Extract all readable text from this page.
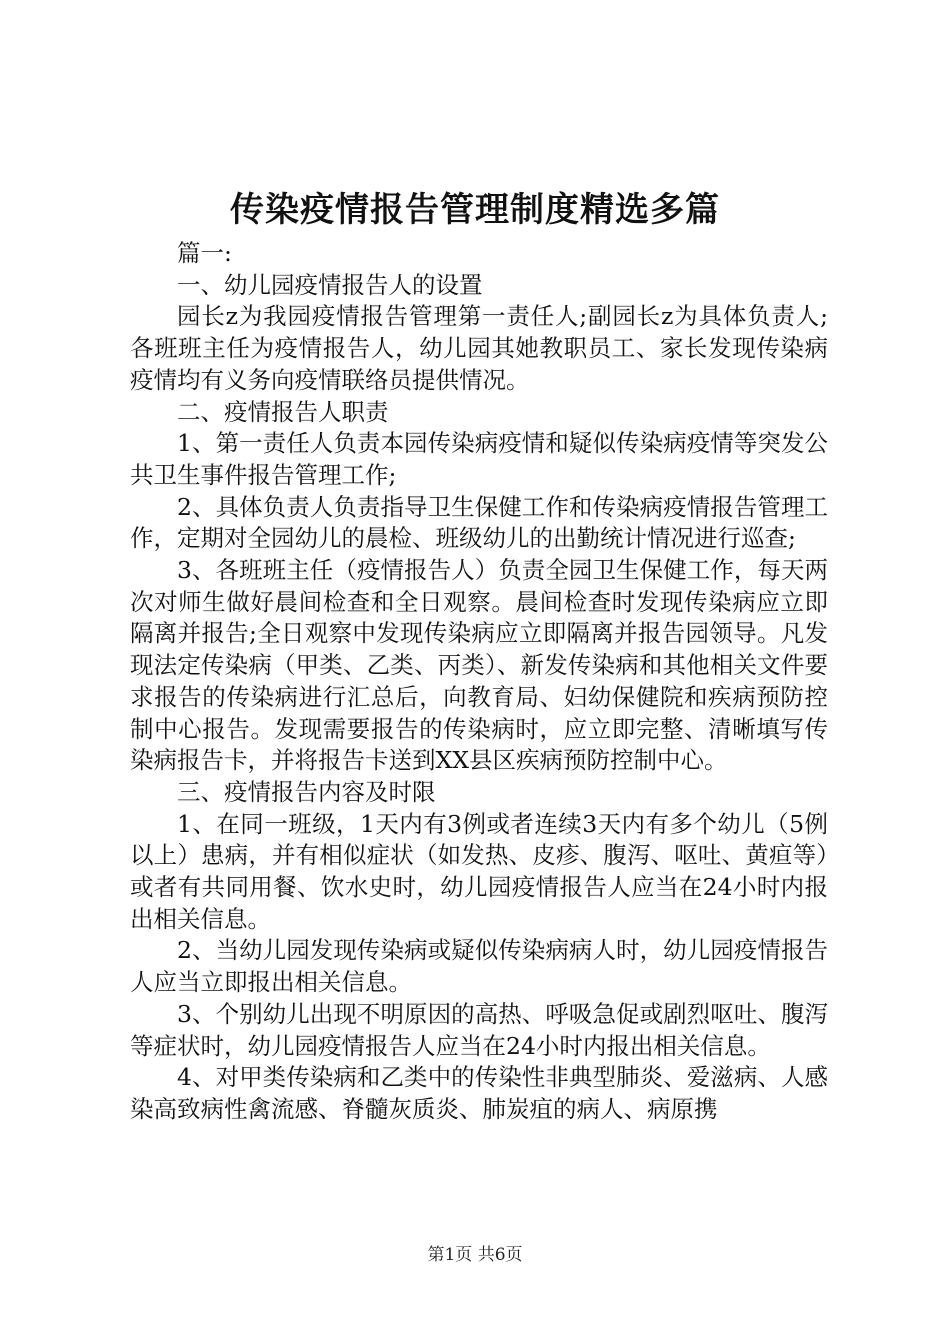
传染疫情报告管理制度精选多篇

篇一:

一、幼儿园疫情报告人的设置

园长z为我园疫情报告管理第一责任人;副园长z为具体负责人;各班班主任为疫情报告人，幼儿园其她教职员工、家长发现传染病疫情均有义务向疫情联络员提供情况。

二、疫情报告人职责

1、第一责任人负责本园传染病疫情和疑似传染病疫情等突发公共卫生事件报告管理工作;

2、具体负责人负责指导卫生保健工作和传染病疫情报告管理工作，定期对全园幼儿的晨检、班级幼儿的出勤统计情况进行巡查;

3、各班班主任（疫情报告人）负责全园卫生保健工作，每天两次对师生做好晨间检查和全日观察。晨间检查时发现传染病应立即隔离并报告;全日观察中发现传染病应立即隔离并报告园领导。凡发现法定传染病（甲类、乙类、丙类）、新发传染病和其他相关文件要求报告的传染病进行汇总后，向教育局、妇幼保健院和疾病预防控制中心报告。发现需要报告的传染病时，应立即完整、清晰填写传染病报告卡，并将报告卡送到XX县区疾病预防控制中心。

三、疫情报告内容及时限

1、在同一班级，1天内有3例或者连续3天内有多个幼儿（5例以上）患病，并有相似症状（如发热、皮疹、腹泻、呕吐、黄疸等）或者有共同用餐、饮水史时，幼儿园疫情报告人应当在24小时内报出相关信息。

2、当幼儿园发现传染病或疑似传染病病人时，幼儿园疫情报告人应当立即报出相关信息。

3、个别幼儿出现不明原因的高热、呼吸急促或剧烈呕吐、腹泻等症状时，幼儿园疫情报告人应当在24小时内报出相关信息。

4、对甲类传染病和乙类中的传染性非典型肺炎、爱滋病、人感染高致病性禽流感、脊髓灰质炎、肺炭疽的病人、病原携

第1页 共6页
